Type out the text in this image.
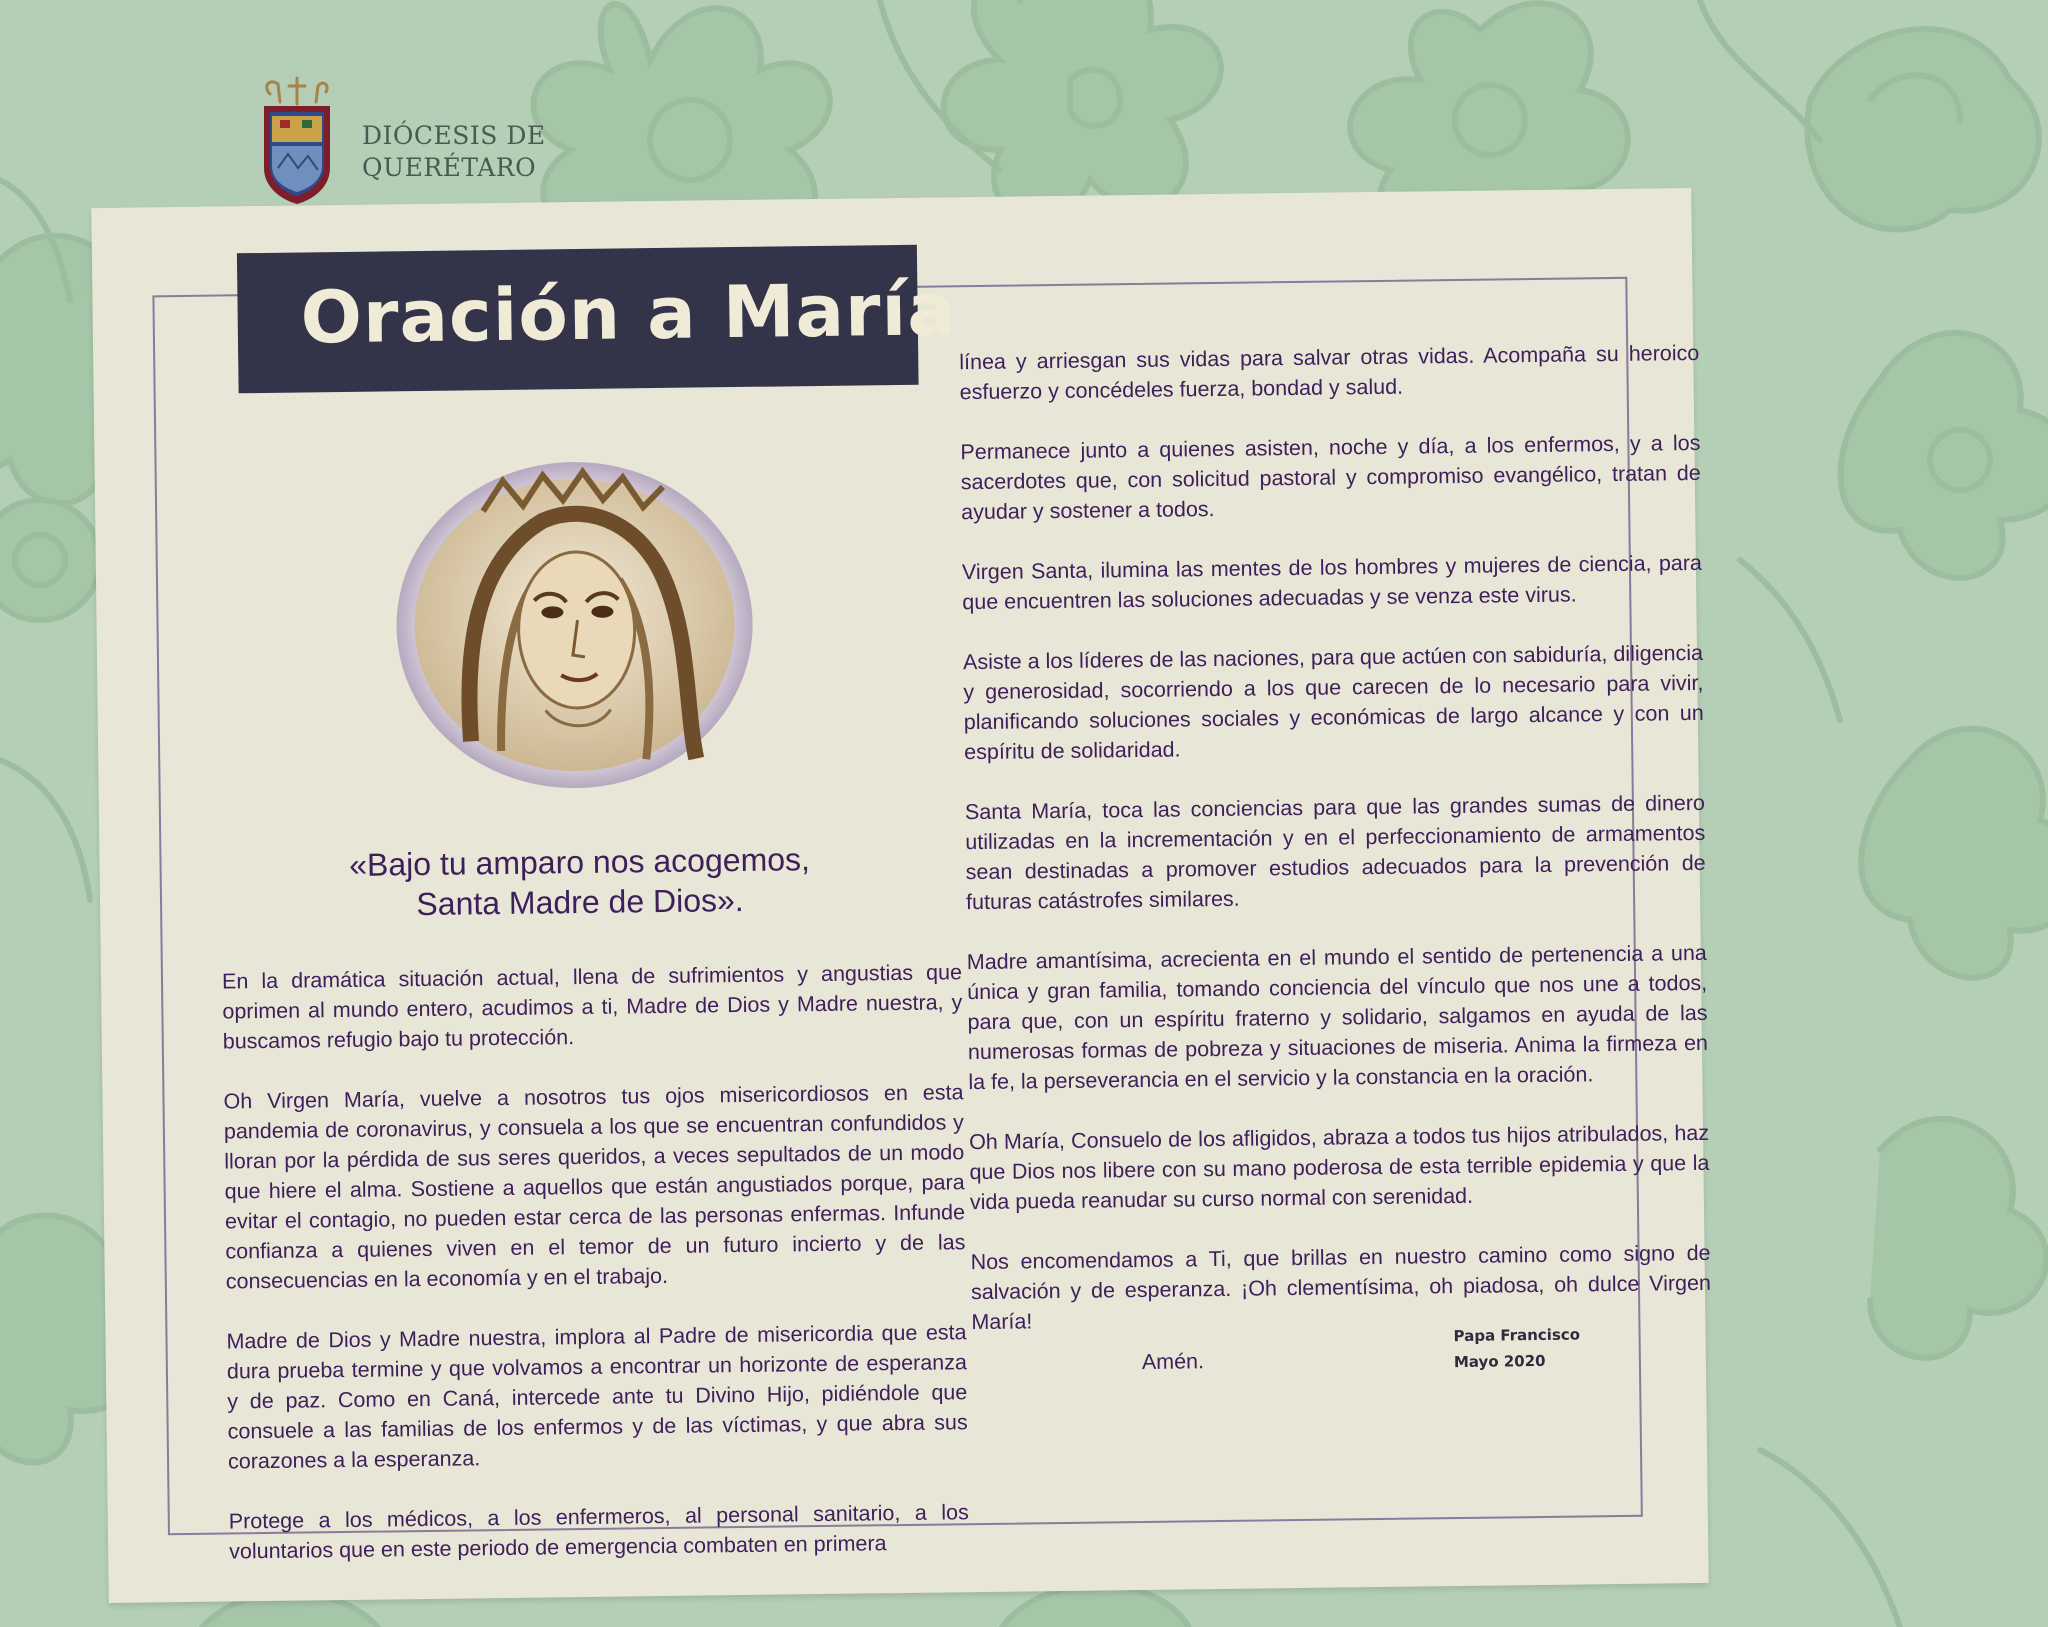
DIÓCESIS DE
QUERÉTARO
Oración a María
«Bajo tu amparo nos acogemos,
Santa Madre de Dios».

En la dramática situación actual, llena de sufrimientos y angustias que oprimen al mundo entero, acudimos a ti, Madre de Dios y Madre nuestra, y buscamos refugio bajo tu protección.

Oh Virgen María, vuelve a nosotros tus ojos misericordiosos en esta pandemia de coronavirus, y consuela a los que se encuentran confundidos y lloran por la pérdida de sus seres queridos, a veces sepultados de un modo que hiere el alma. Sostiene a aquellos que están angustiados porque, para evitar el contagio, no pueden estar cerca de las personas enfermas. Infunde confianza a quienes viven en el temor de un futuro incierto y de las consecuencias en la economía y en el trabajo.

Madre de Dios y Madre nuestra, implora al Padre de misericordia que esta dura prueba termine y que volvamos a encontrar un horizonte de esperanza y de paz. Como en Caná, intercede ante tu Divino Hijo, pidiéndole que consuele a las familias de los enfermos y de las víctimas, y que abra sus corazones a la esperanza.

Protege a los médicos, a los enfermeros, al personal sanitario, a los voluntarios que en este periodo de emergencia combaten en primera

línea y arriesgan sus vidas para salvar otras vidas. Acompaña su heroico esfuerzo y concédeles fuerza, bondad y salud.

Permanece junto a quienes asisten, noche y día, a los enfermos, y a los sacerdotes que, con solicitud pastoral y compromiso evangélico, tratan de ayudar y sostener a todos.

Virgen Santa, ilumina las mentes de los hombres y mujeres de ciencia, para que encuentren las soluciones adecuadas y se venza este virus.

Asiste a los líderes de las naciones, para que actúen con sabiduría, diligencia y generosidad, socorriendo a los que carecen de lo necesario para vivir, planificando soluciones sociales y económicas de largo alcance y con un espíritu de solidaridad.

Santa María, toca las conciencias para que las grandes sumas de dinero utilizadas en la incrementación y en el perfeccionamiento de armamentos sean destinadas a promover estudios adecuados para la prevención de futuras catástrofes similares.

Madre amantísima, acrecienta en el mundo el sentido de pertenencia a una única y gran familia, tomando conciencia del vínculo que nos une a todos, para que, con un espíritu fraterno y solidario, salgamos en ayuda de las numerosas formas de pobreza y situaciones de miseria. Anima la firmeza en la fe, la perseverancia en el servicio y la constancia en la oración.

Oh María, Consuelo de los afligidos, abraza a todos tus hijos atribulados, haz que Dios nos libere con su mano poderosa de esta terrible epidemia y que la vida pueda reanudar su curso normal con serenidad.

Nos encomendamos a Ti, que brillas en nuestro camino como signo de salvación y de esperanza. ¡Oh clementísima, oh piadosa, oh dulce Virgen María!

Amén.

Papa Francisco
Mayo 2020
